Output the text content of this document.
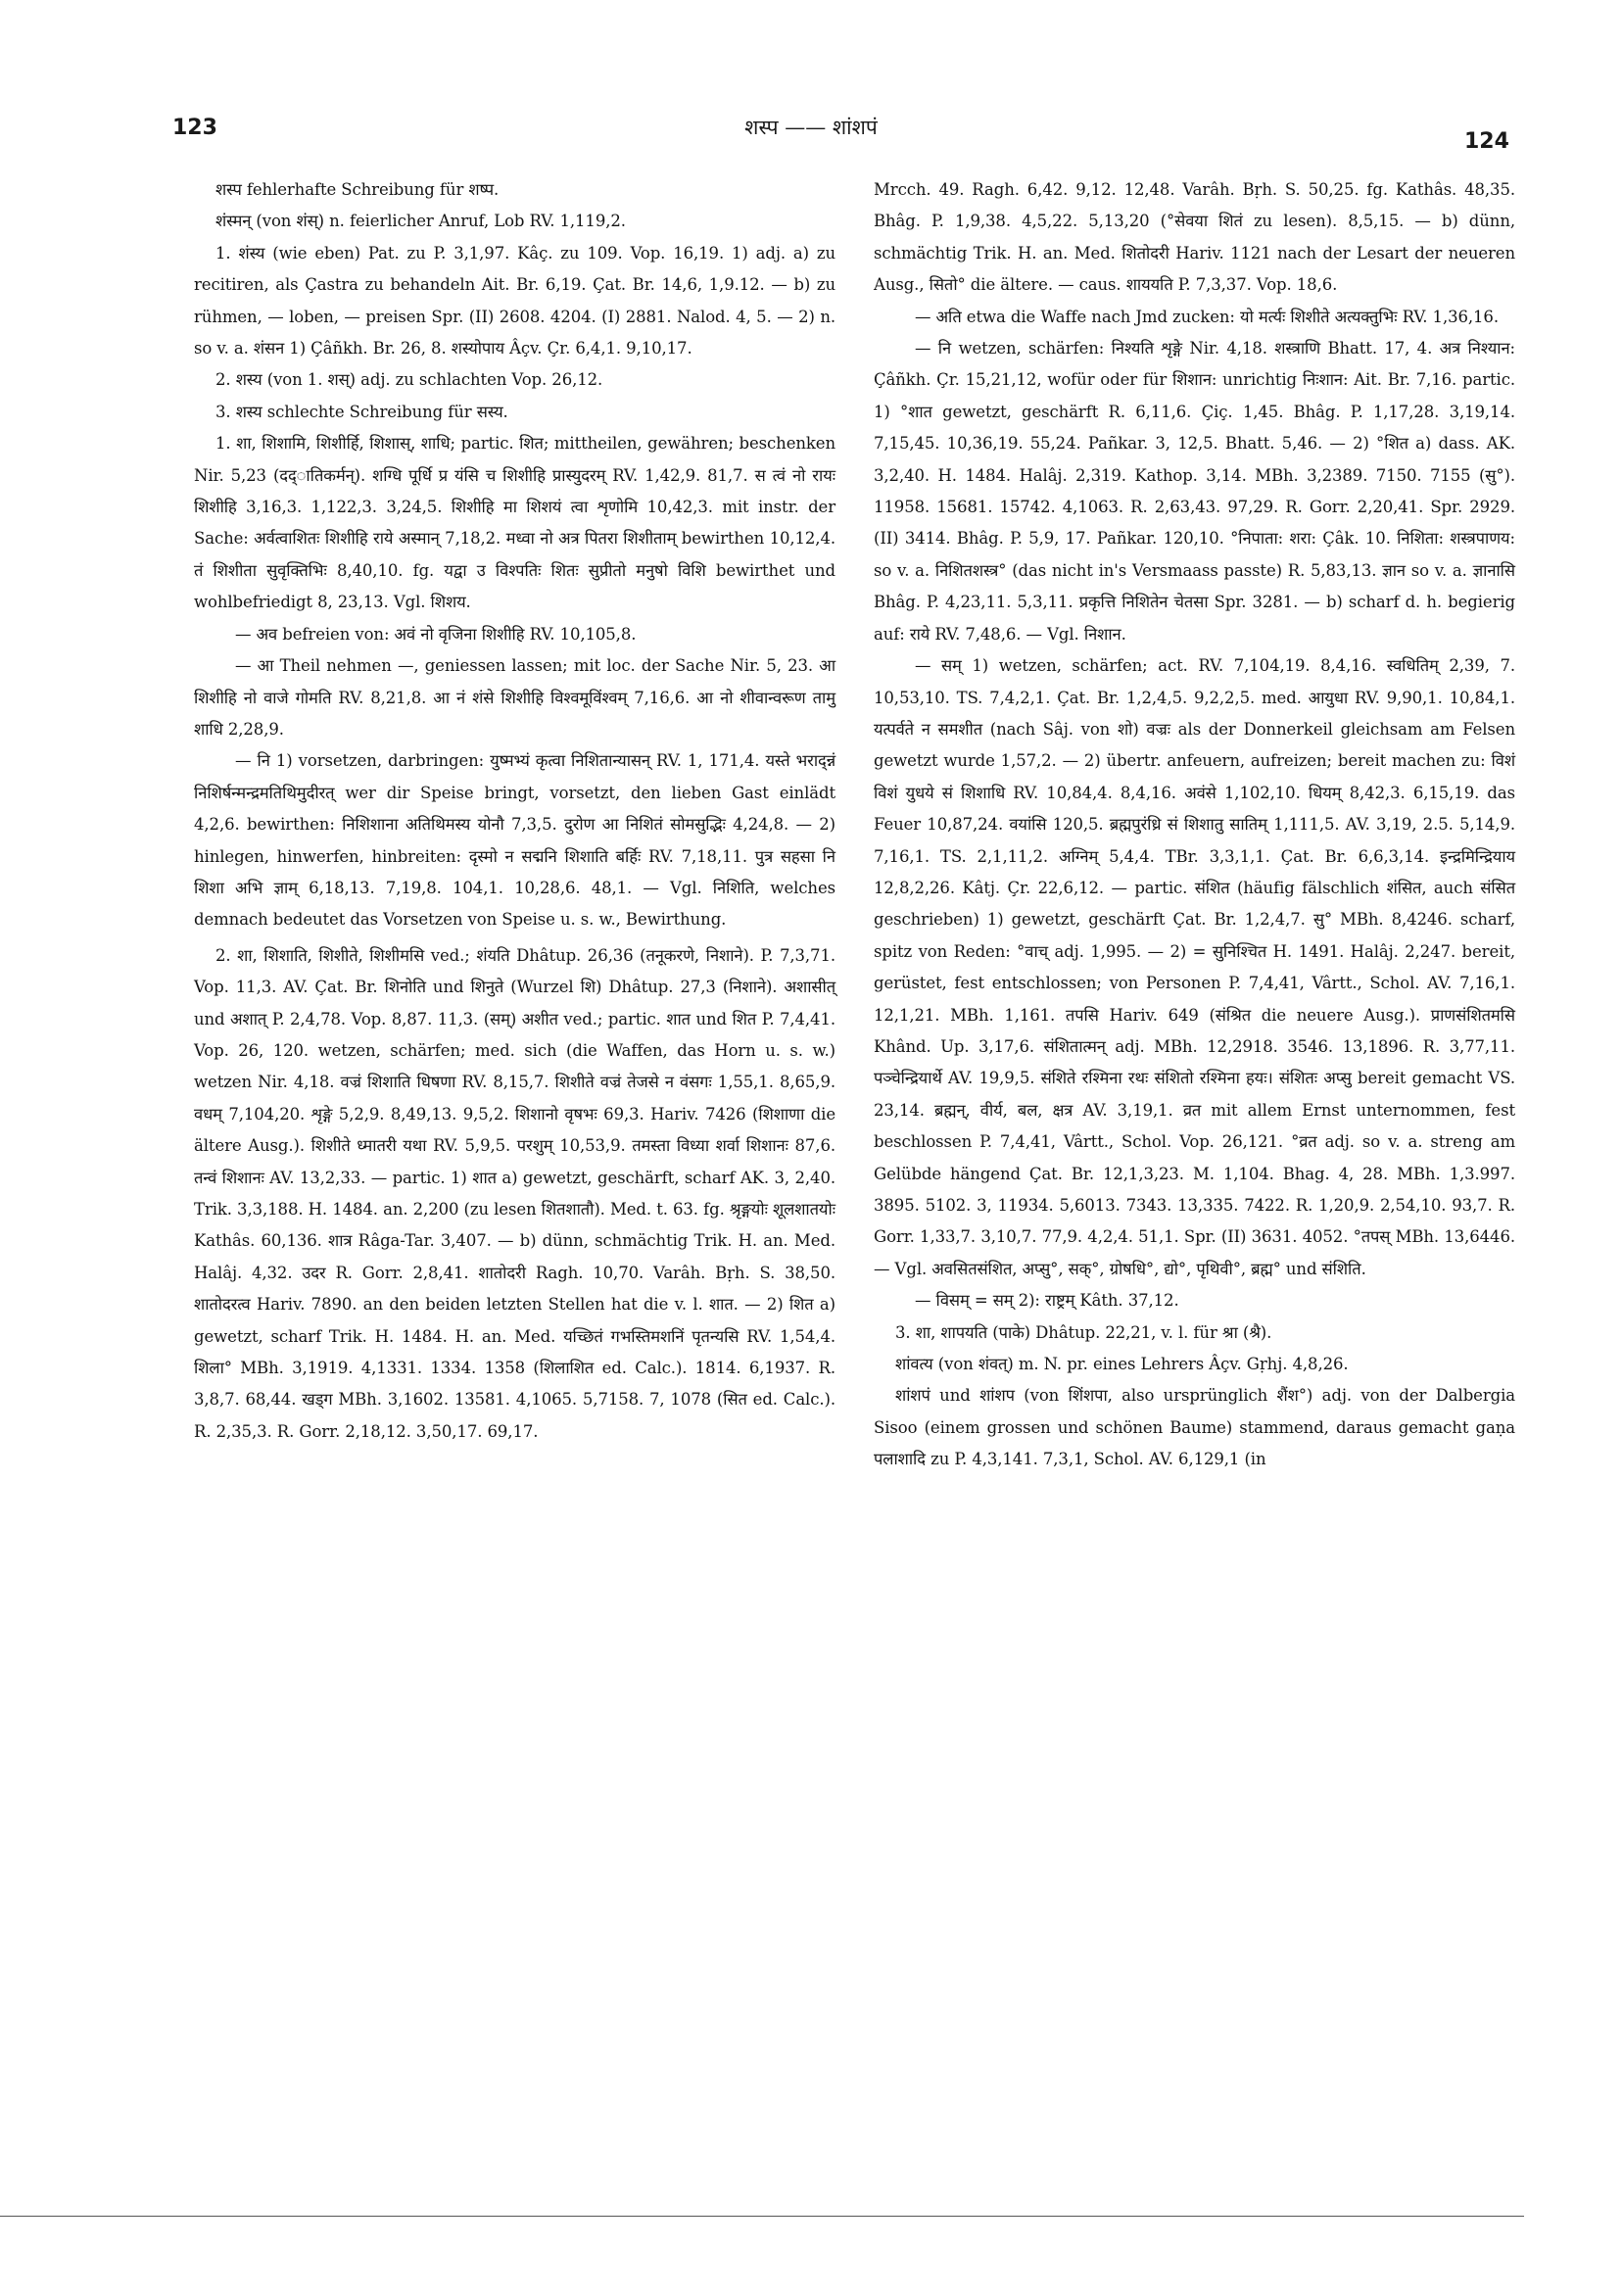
123	शस्प —— शांशपं
124

शस्प fehlerhafte Schreibung für शष्प.

शंस्मन् (von शंस्) n. feierlicher Anruf, Lob RV. 1,119,2.

1. शंस्य (wie eben) Pat. zu P. 3,1,97. Kâç. zu 109. Vop. 16,19. 1) adj. a) zu recitiren, als Çastra zu behandeln Ait. Br. 6,19. Çat. Br. 14,6, 1,9.12. — b) zu rühmen, — loben, — preisen Spr. (II) 2608. 4204. (I) 2881. Nalod. 4, 5. — 2) n. so v. a. शंसन 1) Çâñkh. Br. 26, 8. शस्योपाय Âçv. Çr. 6,4,1. 9,10,17.

2. शस्य (von 1. शस्) adj. zu schlachten Vop. 26,12.

3. शस्य schlechte Schreibung für सस्य.

1. शा, शिशामि, शिशीर्हि, शिशास्, शाधि; partic. शित; mittheilen, gewähren; beschenken Nir. 5,23 (दद्‌ातिकर्मन्). शग्धि पूर्धि प्र यंसि च शिशीहि प्रास्युदरम् RV. 1,42,9. 81,7. स त्वं नो रायः शिशीहि 3,16,3. 1,122,3. 3,24,5. शिशीहि मा शिशयं त्वा शृणोमि 10,42,3. mit instr. der Sache: अर्वत्वाशितः शिशीहि राये अस्मान् 7,18,2. मध्वा नो अत्र पितरा शिशीताम् bewirthen 10,12,4. तं शिशीता सुवृक्तिभिः 8,40,10. fg. यद्वा उ विश्पतिः शितः सुप्रीतो मनुषो विशि bewirthet und wohlbefriedigt 8, 23,13. Vgl. शिशय.

— अव befreien von: अवं नो वृजिना शिशीहि RV. 10,105,8.

— आ Theil nehmen —, geniessen lassen; mit loc. der Sache Nir. 5, 23. आ शिशीहि नो वाजे गोमति RV. 8,21,8. आ नं शंसे शिशीहि विश्वमूविंश्वम् 7,16,6. आ नो शीवान्वरूण तामु शाधि 2,28,9.

— नि 1) vorsetzen, darbringen: युष्मभ्यं कृत्वा निशितान्यासन् RV. 1, 171,4. यस्ते भराद्न्नं निशिर्षन्मन्द्रमतिथिमुदीरत् wer dir Speise bringt, vorsetzt, den lieben Gast einlädt 4,2,6. bewirthen: निशिशाना अतिथिमस्य योनौ 7,3,5. दुरोण आ निशितं सोमसुद्भिः 4,24,8. — 2) hinlegen, hinwerfen, hinbreiten: दृस्मो न सद्मनि शिशाति बर्हिः RV. 7,18,11. पुत्र सहसा नि शिशा अभि ज्ञाम् 6,18,13. 7,19,8. 104,1. 10,28,6. 48,1. — Vgl. निशिति, welches demnach bedeutet das Vorsetzen von Speise u. s. w., Bewirthung.

2. शा, शिशाति, शिशीते, शिशीमसि ved.; शंयति Dhâtup. 26,36 (तनूकरणे, निशाने). P. 7,3,71. Vop. 11,3. AV. Çat. Br. शिनोति und शिनुते (Wurzel शि) Dhâtup. 27,3 (निशाने). अशासीत् und अशात् P. 2,4,78. Vop. 8,87. 11,3. (सम्) अशीत ved.; partic. शात und शित P. 7,4,41. Vop. 26, 120. wetzen, schärfen; med. sich (die Waffen, das Horn u. s. w.) wetzen Nir. 4,18. वज्रं शिशाति धिषणा RV. 8,15,7. शिशीते वज्रं तेजसे न वंसगः 1,55,1. 8,65,9. वधम् 7,104,20. शृङ्गे 5,2,9. 8,49,13. 9,5,2. शिशानो वृषभः 69,3. Hariv. 7426 (शिशाणा die ältere Ausg.). शिशीते ध्मातरी यथा RV. 5,9,5. परशुम् 10,53,9. तमस्ता विध्या शर्वा शिशानः 87,6. तन्वं शिशानः AV. 13,2,33. — partic. 1) शात a) gewetzt, geschärft, scharf AK. 3, 2,40. Trik. 3,3,188. H. 1484. an. 2,200 (zu lesen शितशातौ). Med. t. 63. fg. श्रृङ्गयोः शूलशातयोः Kathâs. 60,136. शात्र Râga-Tar. 3,407. — b) dünn, schmächtig Trik. H. an. Med. Halâj. 4,32. उदर R. Gorr. 2,8,41. शातोदरी Ragh. 10,70. Varâh. Bṛh. S. 38,50. शातोदरत्व Hariv. 7890. an den beiden letzten Stellen hat die v. l. शात. — 2) शित a) gewetzt, scharf Trik. H. 1484. H. an. Med. यच्छितं गभस्तिमशनिं पृतन्यसि RV. 1,54,4. शिला° MBh. 3,1919. 4,1331. 1334. 1358 (शिलाशित ed. Calc.). 1814. 6,1937. R. 3,8,7. 68,44. खड्ग MBh. 3,1602. 13581. 4,1065. 5,7158. 7, 1078 (सित ed. Calc.). R. 2,35,3. R. Gorr. 2,18,12. 3,50,17. 69,17.

Mrcch. 49. Ragh. 6,42. 9,12. 12,48. Varâh. Bṛh. S. 50,25. fg. Kathâs. 48,35. Bhâg. P. 1,9,38. 4,5,22. 5,13,20 (°सेवया शितं zu lesen). 8,5,15. — b) dünn, schmächtig Trik. H. an. Med. शितोदरी Hariv. 1121 nach der Lesart der neueren Ausg., सितो° die ältere. — caus. शाययति P. 7,3,37. Vop. 18,6.

— अति etwa die Waffe nach Jmd zucken: यो मर्त्यः शिशीते अत्यक्तुभिः RV. 1,36,16.

— नि wetzen, schärfen: निश्यति शृङ्गे Nir. 4,18. शस्त्राणि Bhatt. 17, 4. अत्र निश्यान: Çâñkh. Çr. 15,21,12, wofür oder für शिशान: unrichtig निःशान: Ait. Br. 7,16. partic. 1) °शात gewetzt, geschärft R. 6,11,6. Çiç. 1,45. Bhâg. P. 1,17,28. 3,19,14. 7,15,45. 10,36,19. 55,24. Pañkar. 3, 12,5. Bhatt. 5,46. — 2) °शित a) dass. AK. 3,2,40. H. 1484. Halâj. 2,319. Kathop. 3,14. MBh. 3,2389. 7150. 7155 (सु°). 11958. 15681. 15742. 4,1063. R. 2,63,43. 97,29. R. Gorr. 2,20,41. Spr. 2929. (II) 3414. Bhâg. P. 5,9, 17. Pañkar. 120,10. °निपाता: शरा: Çâk. 10. निशिता: शस्त्रपाणय: so v. a. निशितशस्त्र° (das nicht in's Versmaass passte) R. 5,83,13. ज्ञान so v. a. ज्ञानासि Bhâg. P. 4,23,11. 5,3,11. प्रकृत्ति निशितेन चेतसा Spr. 3281. — b) scharf d. h. begierig auf: राये RV. 7,48,6. — Vgl. निशान.

— सम् 1) wetzen, schärfen; act. RV. 7,104,19. 8,4,16. स्वधितिम् 2,39, 7. 10,53,10. TS. 7,4,2,1. Çat. Br. 1,2,4,5. 9,2,2,5. med. आयुधा RV. 9,90,1. 10,84,1. यत्पर्वते न समशीत (nach Sâj. von शो) वज्रः als der Donnerkeil gleichsam am Felsen gewetzt wurde 1,57,2. — 2) übertr. anfeuern, aufreizen; bereit machen zu: विशं विशं युधये सं शिशाधि RV. 10,84,4. 8,4,16. अवंसे 1,102,10. धियम् 8,42,3. 6,15,19. das Feuer 10,87,24. वयांसि 120,5. ब्रह्मपुरंध्रि सं शिशातु सातिम् 1,111,5. AV. 3,19, 2.5. 5,14,9. 7,16,1. TS. 2,1,11,2. अग्निम् 5,4,4. TBr. 3,3,1,1. Çat. Br. 6,6,3,14. इन्द्रमिन्द्रियाय 12,8,2,26. Kâtj. Çr. 22,6,12. — partic. संशित (häufig fälschlich शंसित, auch संसित geschrieben) 1) gewetzt, geschärft Çat. Br. 1,2,4,7. सु° MBh. 8,4246. scharf, spitz von Reden: °वाच् adj. 1,995. — 2) = सुनिश्चित H. 1491. Halâj. 2,247. bereit, gerüstet, fest entschlossen; von Personen P. 7,4,41, Vârtt., Schol. AV. 7,16,1. 12,1,21. MBh. 1,161. तपसि Hariv. 649 (संश्रित die neuere Ausg.). प्राणसंशितमसि Khând. Up. 3,17,6. संशितात्मन् adj. MBh. 12,2918. 3546. 13,1896. R. 3,77,11. पञ्चेन्द्रियार्थे AV. 19,9,5. संशिते रश्मिना रथः संशितो रश्मिना हयः। संशितः अप्सु bereit gemacht VS. 23,14. ब्रह्मन्, वीर्य, बल, क्षत्र AV. 3,19,1. व्रत mit allem Ernst unternommen, fest beschlossen P. 7,4,41, Vârtt., Schol. Vop. 26,121. °व्रत adj. so v. a. streng am Gelübde hängend Çat. Br. 12,1,3,23. M. 1,104. Bhag. 4, 28. MBh. 1,3.997. 3895. 5102. 3, 11934. 5,6013. 7343. 13,335. 7422. R. 1,20,9. 2,54,10. 93,7. R. Gorr. 1,33,7. 3,10,7. 77,9. 4,2,4. 51,1. Spr. (II) 3631. 4052. °तपस् MBh. 13,6446. — Vgl. अवसितसंशित, अप्सु°, सक्°, ग्रोषधि°, द्यो°, पृथिवी°, ब्रह्म° und संशिति.

— विसम् = सम् 2): राष्ट्रम् Kâth. 37,12.

3. शा, शापयति (पाके) Dhâtup. 22,21, v. l. für श्रा (श्रै).

शांवत्य (von शंवत्) m. N. pr. eines Lehrers Âçv. Gṛhj. 4,8,26.

शांशपं und शांशप (von शिंशपा, also ursprünglich शैंश°) adj. von der Dalbergia Sisoo (einem grossen und schönen Baume) stammend, daraus gemacht gaṇa पलाशादि zu P. 4,3,141. 7,3,1, Schol. AV. 6,129,1 (in
